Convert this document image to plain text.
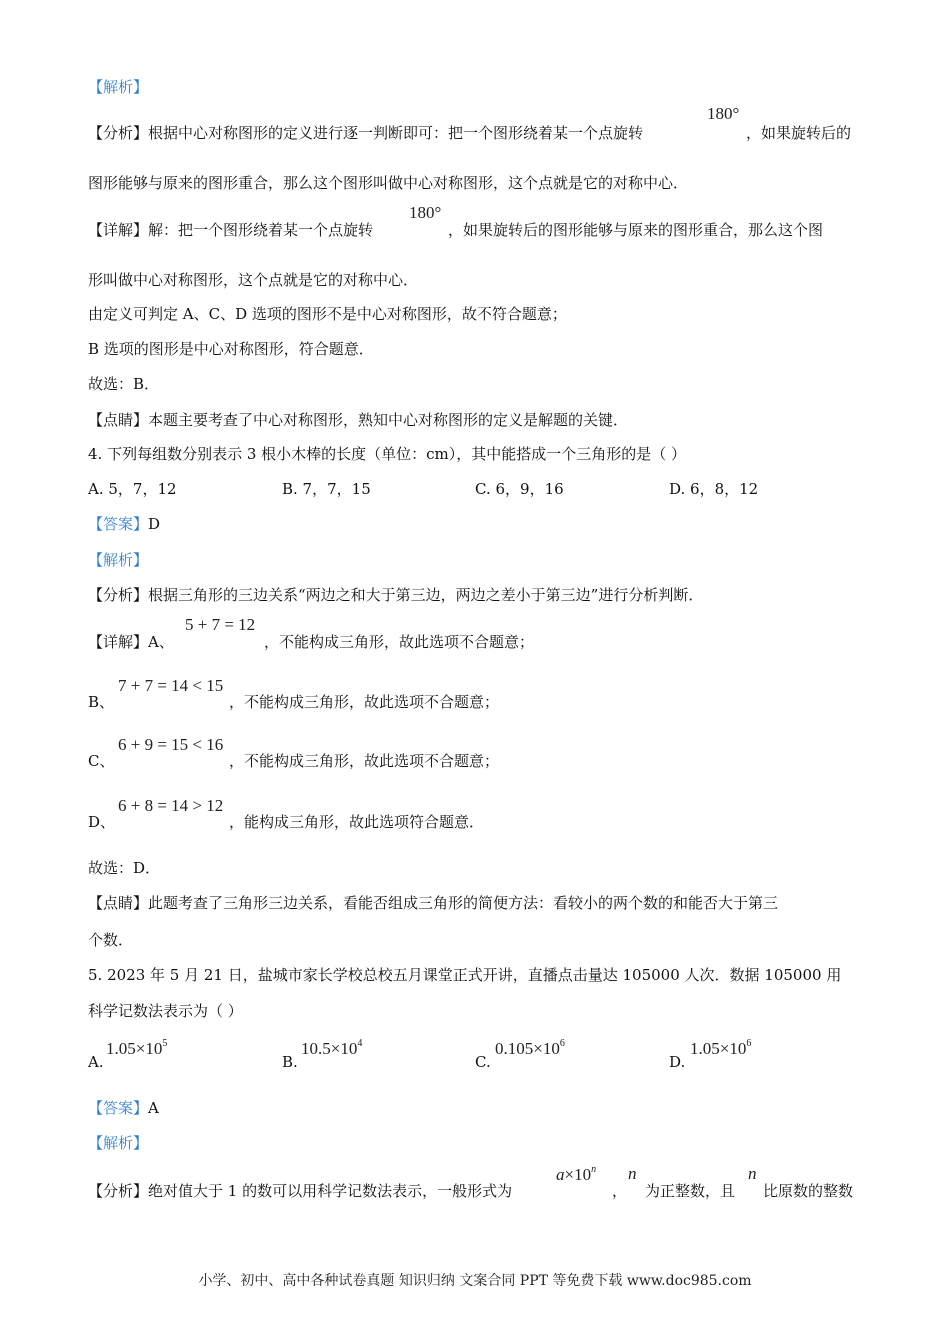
【解析】
【分析】根据中心对称图形的定义进行逐一判断即可：把一个图形绕着某一个点旋转
180°
，如果旋转后的
图形能够与原来的图形重合，那么这个图形叫做中心对称图形，这个点就是它的对称中心．
【详解】解：把一个图形绕着某一个点旋转
180°
，如果旋转后的图形能够与原来的图形重合，那么这个图
形叫做中心对称图形，这个点就是它的对称中心．
由定义可判定 A、C、D 选项的图形不是中心对称图形，故不符合题意；
B 选项的图形是中心对称图形，符合题意．
故选：B．
【点睛】本题主要考查了中心对称图形，熟知中心对称图形的定义是解题的关键．
4. 下列每组数分别表示 3 根小木棒的长度（单位：cm），其中能搭成一个三角形的是（ ）
A. 5，7，12	B. 7，7，15	C. 6，9，16	D. 6，8，12
【答案】D
【解析】
【分析】根据三角形的三边关系“两边之和大于第三边，两边之差小于第三边”进行分析判断．
【详解】A、
5 + 7 = 12
，不能构成三角形，故此选项不合题意；
B、
7 + 7 = 14 < 15
，不能构成三角形，故此选项不合题意；
C、
6 + 9 = 15 < 16
，不能构成三角形，故此选项不合题意；
D、
6 + 8 = 14 > 12
，能构成三角形，故此选项符合题意．
故选：D．
【点睛】此题考查了三角形三边关系，看能否组成三角形的简便方法：看较小的两个数的和能否大于第三
个数．
5. 2023 年 5 月 21 日，盐城市家长学校总校五月课堂正式开讲，直播点击量达 105000 人次．数据 105000 用
科学记数法表示为（ ）
A.
$1.05\times 10^5$
B.
$10.5\times 10^4$
C.
$0.105\times 10^6$
D.
$1.05\times 10^6$
【答案】A
【解析】
【分析】绝对值大于 1 的数可以用科学记数法表示，一般形式为
$a\times 10^n$
，
n
为正整数，且
n
比原数的整数
小学、初中、高中各种试卷真题 知识归纳 文案合同 PPT 等免费下载 www.doc985.com
